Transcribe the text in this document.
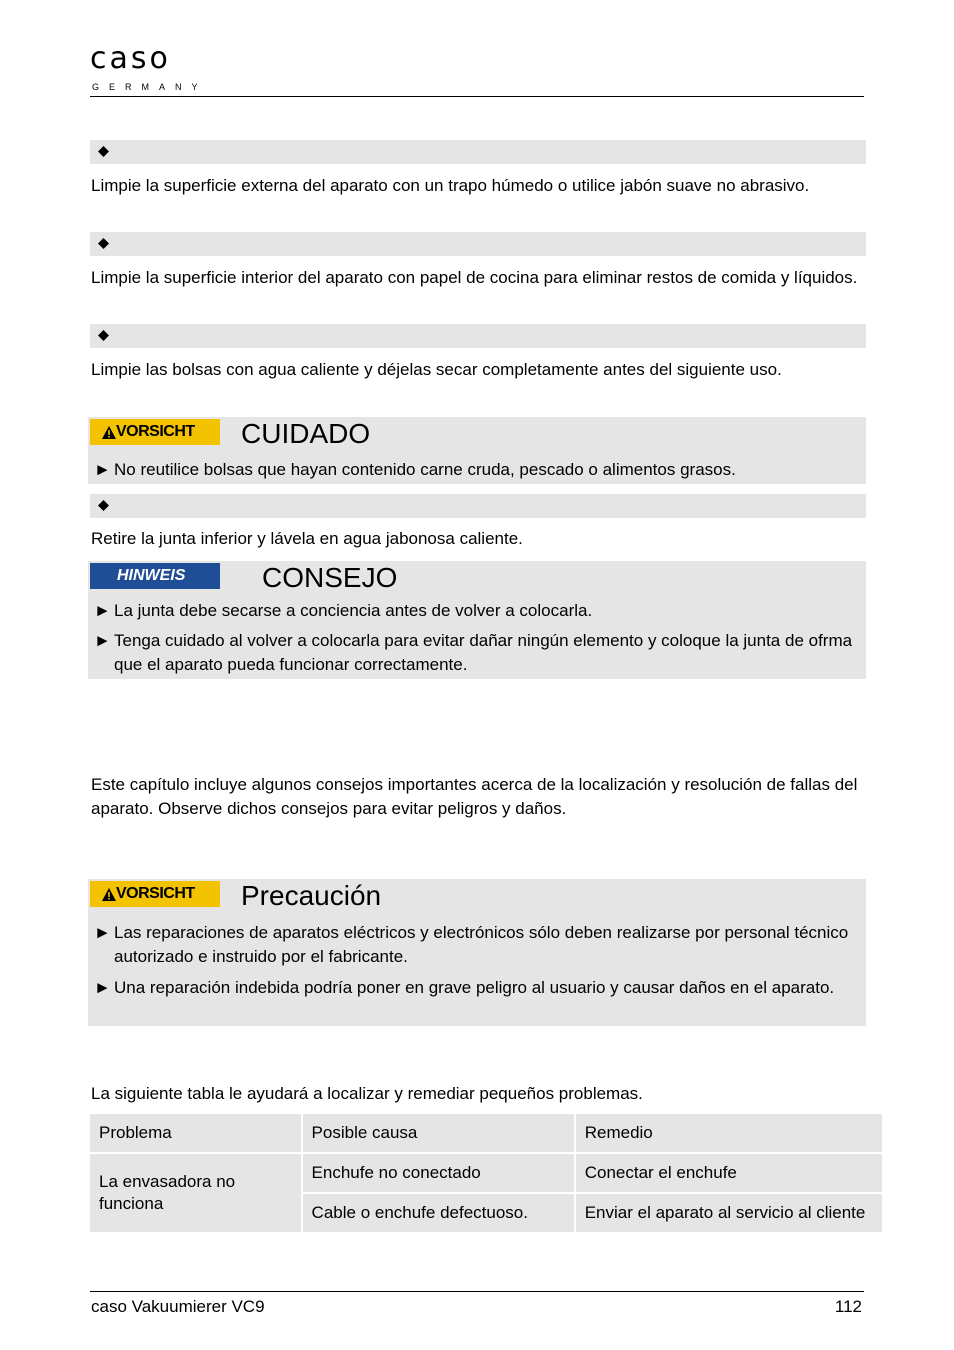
caso
GERMANY
Limpie la superficie externa del aparato con un trapo húmedo o utilice jabón suave no abrasivo.
Limpie la superficie interior del aparato con papel de cocina para eliminar restos de comida y líquidos.
Limpie las bolsas con agua caliente y déjelas secar completamente antes del siguiente uso.
VORSICHT CUIDADO
► No reutilice bolsas que hayan contenido carne cruda, pescado o alimentos grasos.
Retire la junta inferior y lávela en agua jabonosa caliente.
HINWEIS	CONSEJO
► La junta debe secarse a conciencia antes de volver a colocarla.
► Tenga cuidado al volver a colocarla para evitar dañar ningún elemento y coloque la junta de ofrma que el aparato pueda funcionar correctamente.
Este capítulo incluye algunos consejos importantes acerca de la localización y resolución de fallas del aparato. Observe dichos consejos para evitar peligros y daños.
VORSICHT Precaución
► Las reparaciones de aparatos eléctricos y electrónicos sólo deben realizarse por personal técnico autorizado e instruido por el fabricante.
► Una reparación indebida podría poner en grave peligro al usuario y causar daños en el aparato.
La siguiente tabla le ayudará a localizar y remediar pequeños problemas.
Problema	Posible causa	Remedio
La envasadora no funciona	Enchufe no conectado	Conectar el enchufe
	Cable o enchufe defectuoso.	Enviar el aparato al servicio al cliente
caso Vakuumierer VC9	112
